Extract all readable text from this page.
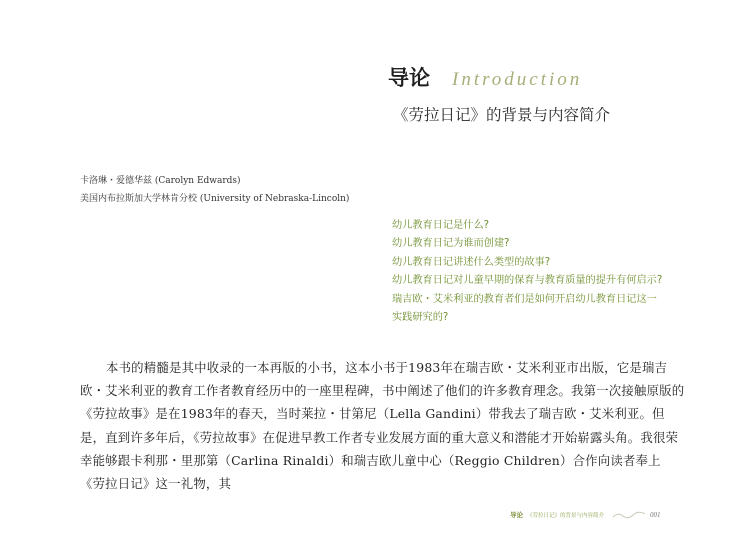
导论 Introduction
《劳拉日记》的背景与内容简介
卡洛琳・爱德华兹 (Carolyn Edwards)
美国内布拉斯加大学林肯分校 (University of Nebraska-Lincoln)
幼儿教育日记是什么?
幼儿教育日记为谁而创建?
幼儿教育日记讲述什么类型的故事?
幼儿教育日记对儿童早期的保育与教育质量的提升有何启示?
瑞吉欧・艾米利亚的教育者们是如何开启幼儿教育日记这一
实践研究的?

本书的精髓是其中收录的一本再版的小书，这本小书于1983年在瑞吉欧・艾米利亚市出版，它是瑞吉欧・艾米利亚的教育工作者教育经历中的一座里程碑，书中阐述了他们的许多教育理念。我第一次接触原版的《劳拉故事》是在1983年的春天，当时莱拉・甘第尼（Lella Gandini）带我去了瑞吉欧・艾米利亚。但是，直到许多年后，《劳拉故事》在促进早教工作者专业发展方面的重大意义和潜能才开始崭露头角。我很荣幸能够跟卡利那・里那第（Carlina Rinaldi）和瑞吉欧儿童中心（Reggio Children）合作向读者奉上《劳拉日记》这一礼物，其

导论 《劳拉日记》的背景与内容简介	001
